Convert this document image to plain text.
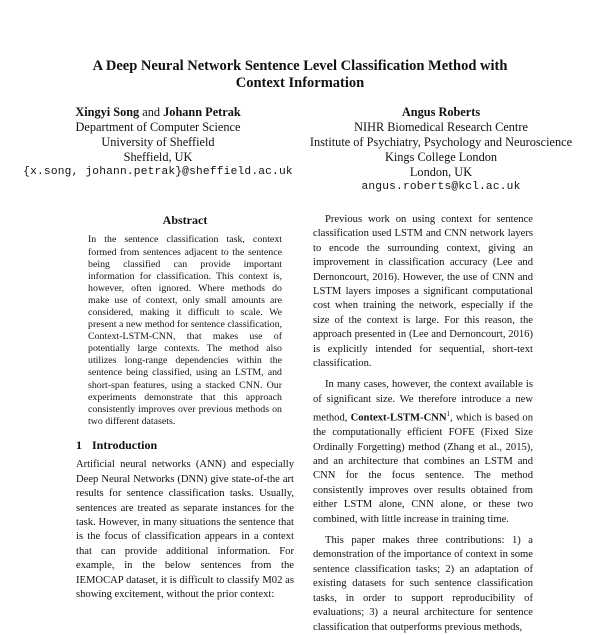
A Deep Neural Network Sentence Level Classification Method with
Context Information
Xingyi Song and Johann Petrak
Department of Computer Science
University of Sheffield
Sheffield, UK
{x.song, johann.petrak}@sheffield.ac.uk
Angus Roberts
NIHR Biomedical Research Centre
Institute of Psychiatry, Psychology and Neuroscience
Kings College London
London, UK
angus.roberts@kcl.ac.uk
Abstract
In the sentence classification task, context formed from sentences adjacent to the sentence being classified can provide important information for classification. This context is, however, often ignored. Where methods do make use of context, only small amounts are considered, making it difficult to scale. We present a new method for sentence classification, Context-LSTM-CNN, that makes use of potentially large contexts. The method also utilizes long-range dependencies within the sentence being classified, using an LSTM, and short-span features, using a stacked CNN. Our experiments demonstrate that this approach consistently improves over previous methods on two different datasets.
1 Introduction

Artificial neural networks (ANN) and especially Deep Neural Networks (DNN) give state-of-the art results for sentence classification tasks. Usually, sentences are treated as separate instances for the task. However, in many situations the sentence that is the focus of classification appears in a context that can provide additional information. For example, in the below sentences from the IEMOCAP dataset, it is difficult to classify M02 as showing excitement, without the prior context:

Previous work on using context for sentence classification used LSTM and CNN network layers to encode the surrounding context, giving an improvement in classification accuracy (Lee and Dernoncourt, 2016). However, the use of CNN and LSTM layers imposes a significant computational cost when training the network, especially if the size of the context is large. For this reason, the approach presented in (Lee and Dernoncourt, 2016) is explicitly intended for sequential, short-text classification.

In many cases, however, the context available is of significant size. We therefore introduce a new method, Context-LSTM-CNN$^1$, which is based on the computationally efficient FOFE (Fixed Size Ordinally Forgetting) method (Zhang et al., 2015), and an architecture that combines an LSTM and CNN for the focus sentence. The method consistently improves over results obtained from either LSTM alone, CNN alone, or these two combined, with little increase in training time.

This paper makes three contributions: 1) a demonstration of the importance of context in some sentence classification tasks; 2) an adaptation of existing datasets for such sentence classification tasks, in order to support reproducibility of evaluations; 3) a neural architecture for sentence classification that outperforms previous methods,
